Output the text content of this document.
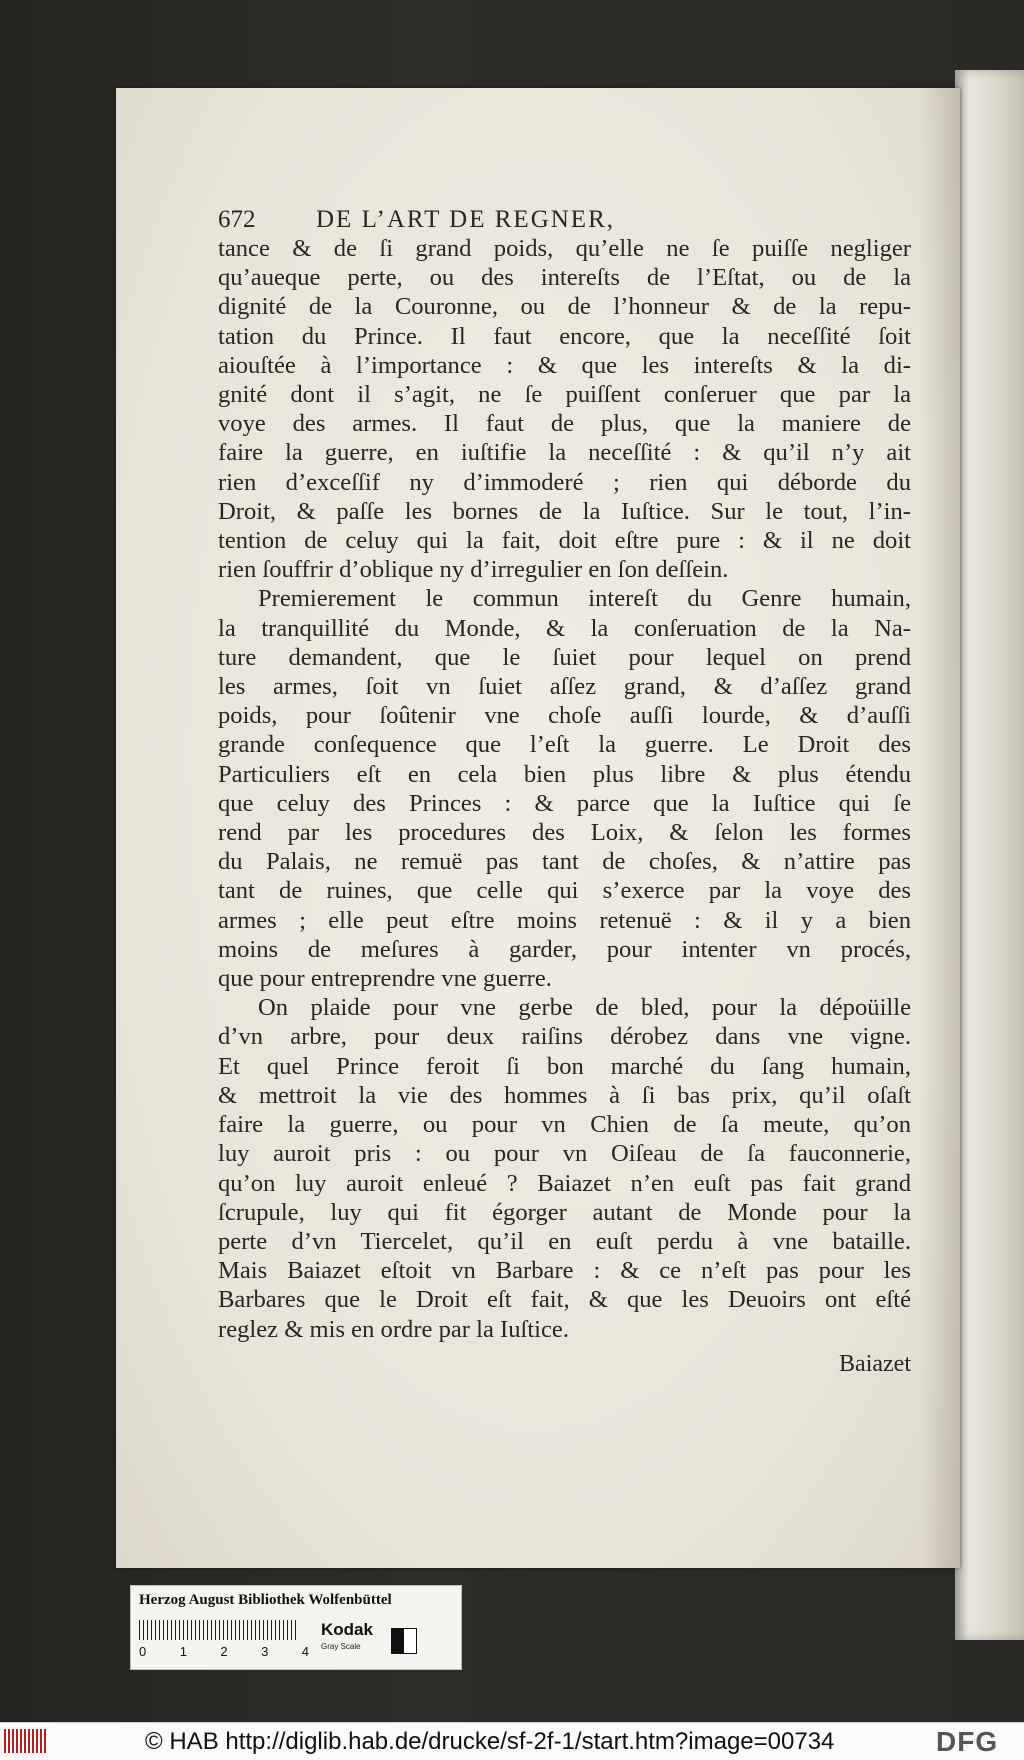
672	DE L’ART DE REGNER,
tance & de ſi grand poids, qu’elle ne ſe puiſſe negliger
qu’aueque perte, ou des intereſts de l’Eſtat, ou de la
dignité de la Couronne, ou de l’honneur & de la repu-
tation du Prince. Il faut encore, que la neceſſité ſoit
aiouſtée à l’importance : & que les intereſts & la di-
gnité dont il s’agit, ne ſe puiſſent conſeruer que par la
voye des armes. Il faut de plus, que la maniere de
faire la guerre, en iuſtifie la neceſſité : & qu’il n’y ait
rien d’exceſſif ny d’immoderé ; rien qui déborde du
Droit, & paſſe les bornes de la Iuſtice. Sur le tout, l’in-
tention de celuy qui la fait, doit eſtre pure : & il ne doit
rien ſouffrir d’oblique ny d’irregulier en ſon deſſein.
Premierement le commun intereſt du Genre humain,
la tranquillité du Monde, & la conſeruation de la Na-
ture demandent, que le ſuiet pour lequel on prend
les armes, ſoit vn ſuiet aſſez grand, & d’aſſez grand
poids, pour ſoûtenir vne choſe auſſi lourde, & d’auſſi
grande conſequence que l’eſt la guerre. Le Droit des
Particuliers eſt en cela bien plus libre & plus étendu
que celuy des Princes : & parce que la Iuſtice qui ſe
rend par les procedures des Loix, & ſelon les formes
du Palais, ne remuë pas tant de choſes, & n’attire pas
tant de ruines, que celle qui s’exerce par la voye des
armes ; elle peut eſtre moins retenuë : & il y a bien
moins de meſures à garder, pour intenter vn procés,
que pour entreprendre vne guerre.
On plaide pour vne gerbe de bled, pour la dépoüille
d’vn arbre, pour deux raiſins dérobez dans vne vigne.
Et quel Prince feroit ſi bon marché du ſang humain,
& mettroit la vie des hommes à ſi bas prix, qu’il oſaſt
faire la guerre, ou pour vn Chien de ſa meute, qu’on
luy auroit pris : ou pour vn Oiſeau de ſa fauconnerie,
qu’on luy auroit enleué ? Baiazet n’en euſt pas fait grand
ſcrupule, luy qui fit égorger autant de Monde pour la
perte d’vn Tiercelet, qu’il en euſt perdu à vne bataille.
Mais Baiazet eſtoit vn Barbare : & ce n’eſt pas pour les
Barbares que le Droit eſt fait, & que les Deuoirs ont eſté
reglez & mis en ordre par la Iuſtice.
Baiazet
Herzog August Bibliothek Wolfenbüttel
0	1	2	3	4
Kodak
Gray Scale
© HAB http://diglib.hab.de/drucke/sf-2f-1/start.htm?image=00734	DFG
